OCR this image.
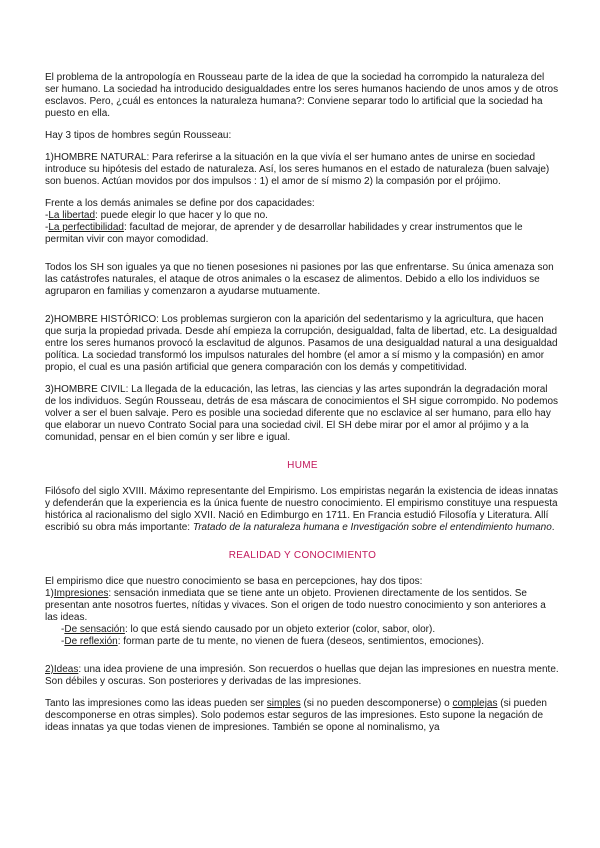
El problema de la antropología en Rousseau parte de la idea de que la sociedad ha corrompido la naturaleza del ser humano. La sociedad ha introducido desigualdades entre los seres humanos haciendo de unos amos y de otros esclavos. Pero, ¿cuál es entonces la naturaleza humana?: Conviene separar todo lo artificial que la sociedad ha puesto en ella.

Hay 3 tipos de hombres según Rousseau:

1)HOMBRE NATURAL: Para referirse a la situación en la que vivía el ser humano antes de unirse en sociedad introduce su hipótesis del estado de naturaleza. Así, los seres humanos en el estado de naturaleza (buen salvaje) son buenos. Actúan movidos por dos impulsos : 1) el amor de sí mismo 2) la compasión por el prójimo.

Frente a los demás animales se define por dos capacidades:

-La libertad: puede elegir lo que hacer y lo que no.

-La perfectibilidad: facultad de mejorar, de aprender y de desarrollar habilidades y crear instrumentos que le permitan vivir con mayor comodidad.

Todos los SH son iguales ya que no tienen posesiones ni pasiones por las que enfrentarse. Su única amenaza son las catástrofes naturales, el ataque de otros animales o la escasez de alimentos. Debido a ello los individuos se agruparon en familias y comenzaron a ayudarse mutuamente.

2)HOMBRE HISTÓRICO: Los problemas surgieron con la aparición del sedentarismo y la agricultura, que hacen que surja la propiedad privada. Desde ahí empieza la corrupción, desigualdad, falta de libertad, etc. La desigualdad entre los seres humanos provocó la esclavitud de algunos. Pasamos de una desigualdad natural a una desigualdad política. La sociedad transformó los impulsos naturales del hombre (el amor a sí mismo y la compasión) en amor propio, el cual es una pasión artificial que genera comparación con los demás y competitividad.

3)HOMBRE CIVIL: La llegada de la educación, las letras, las ciencias y las artes supondrán la degradación moral de los individuos. Según Rousseau, detrás de esa máscara de conocimientos el SH sigue corrompido. No podemos volver a ser el buen salvaje. Pero es posible una sociedad diferente que no esclavice al ser humano, para ello hay que elaborar un nuevo Contrato Social para una sociedad civil. El SH debe mirar por el amor al prójimo y a la comunidad, pensar en el bien común y ser libre e igual.

HUME

Filósofo del siglo XVIII. Máximo representante del Empirismo. Los empiristas negarán la existencia de ideas innatas y defenderán que la experiencia es la única fuente de nuestro conocimiento. El empirismo constituye una respuesta histórica al racionalismo del siglo XVII. Nació en Edimburgo en 1711. En Francia estudió Filosofía y Literatura. Allí escribió su obra más importante: Tratado de la naturaleza humana e Investigación sobre el entendimiento humano.

REALIDAD Y CONOCIMIENTO

El empirismo dice que nuestro conocimiento se basa en percepciones, hay dos tipos:

1)Impresiones: sensación inmediata que se tiene ante un objeto. Provienen directamente de los sentidos. Se presentan ante nosotros fuertes, nítidas y vivaces. Son el origen de todo nuestro conocimiento y son anteriores a las ideas.

-De sensación: lo que está siendo causado por un objeto exterior (color, sabor, olor).

-De reflexión: forman parte de tu mente, no vienen de fuera (deseos, sentimientos, emociones).

2)Ideas: una idea proviene de una impresión. Son recuerdos o huellas que dejan las impresiones en nuestra mente. Son débiles y oscuras. Son posteriores y derivadas de las impresiones.

Tanto las impresiones como las ideas pueden ser simples (si no pueden descomponerse) o complejas (si pueden descomponerse en otras simples). Solo podemos estar seguros de las impresiones. Esto supone la negación de ideas innatas ya que todas vienen de impresiones. También se opone al nominalismo, ya
